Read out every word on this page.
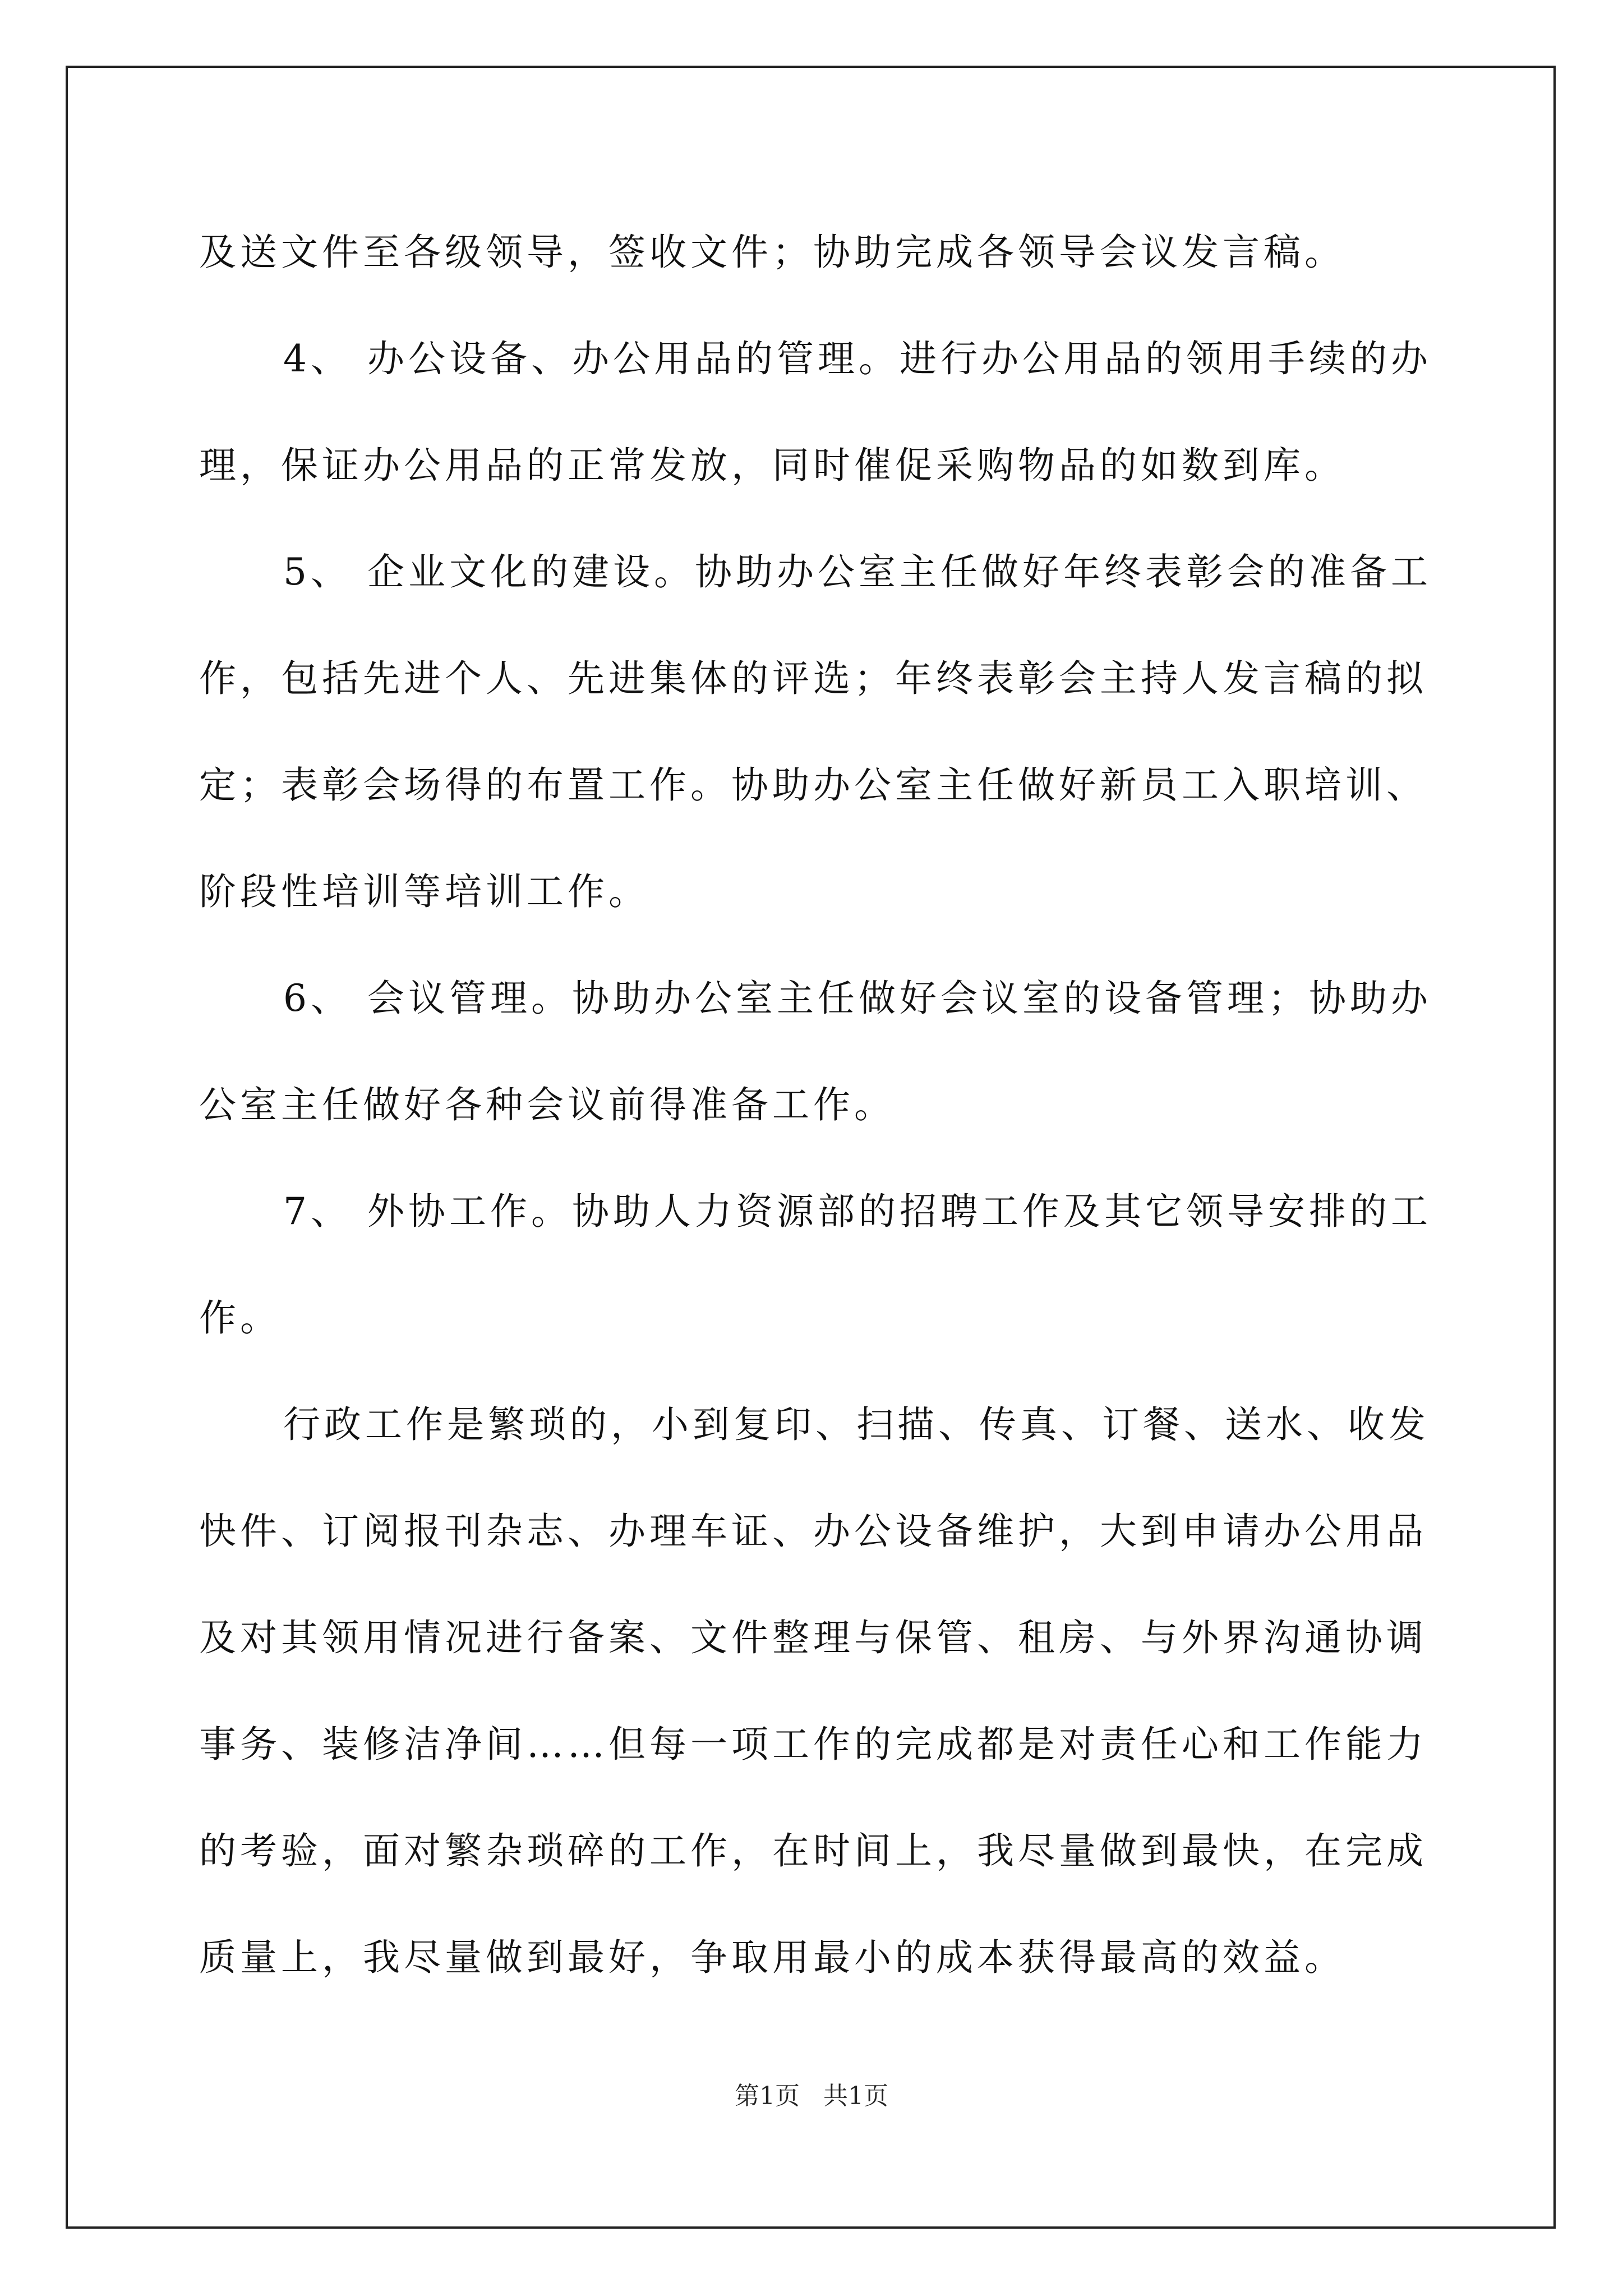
及送文件至各级领导，签收文件；协助完成各领导会议发言稿。
4、 办公设备、办公用品的管理。进行办公用品的领用手续的办
理，保证办公用品的正常发放，同时催促采购物品的如数到库。
5、 企业文化的建设。协助办公室主任做好年终表彰会的准备工
作，包括先进个人、先进集体的评选；年终表彰会主持人发言稿的拟
定；表彰会场得的布置工作。协助办公室主任做好新员工入职培训、
阶段性培训等培训工作。
6、 会议管理。协助办公室主任做好会议室的设备管理；协助办
公室主任做好各种会议前得准备工作。
7、 外协工作。协助人力资源部的招聘工作及其它领导安排的工
作。
行政工作是繁琐的，小到复印、扫描、传真、订餐、送水、收发
快件、订阅报刊杂志、办理车证、办公设备维护，大到申请办公用品
及对其领用情况进行备案、文件整理与保管、租房、与外界沟通协调
事务、装修洁净间……但每一项工作的完成都是对责任心和工作能力
的考验，面对繁杂琐碎的工作，在时间上，我尽量做到最快，在完成
质量上，我尽量做到最好，争取用最小的成本获得最高的效益。
第1页 共1页
